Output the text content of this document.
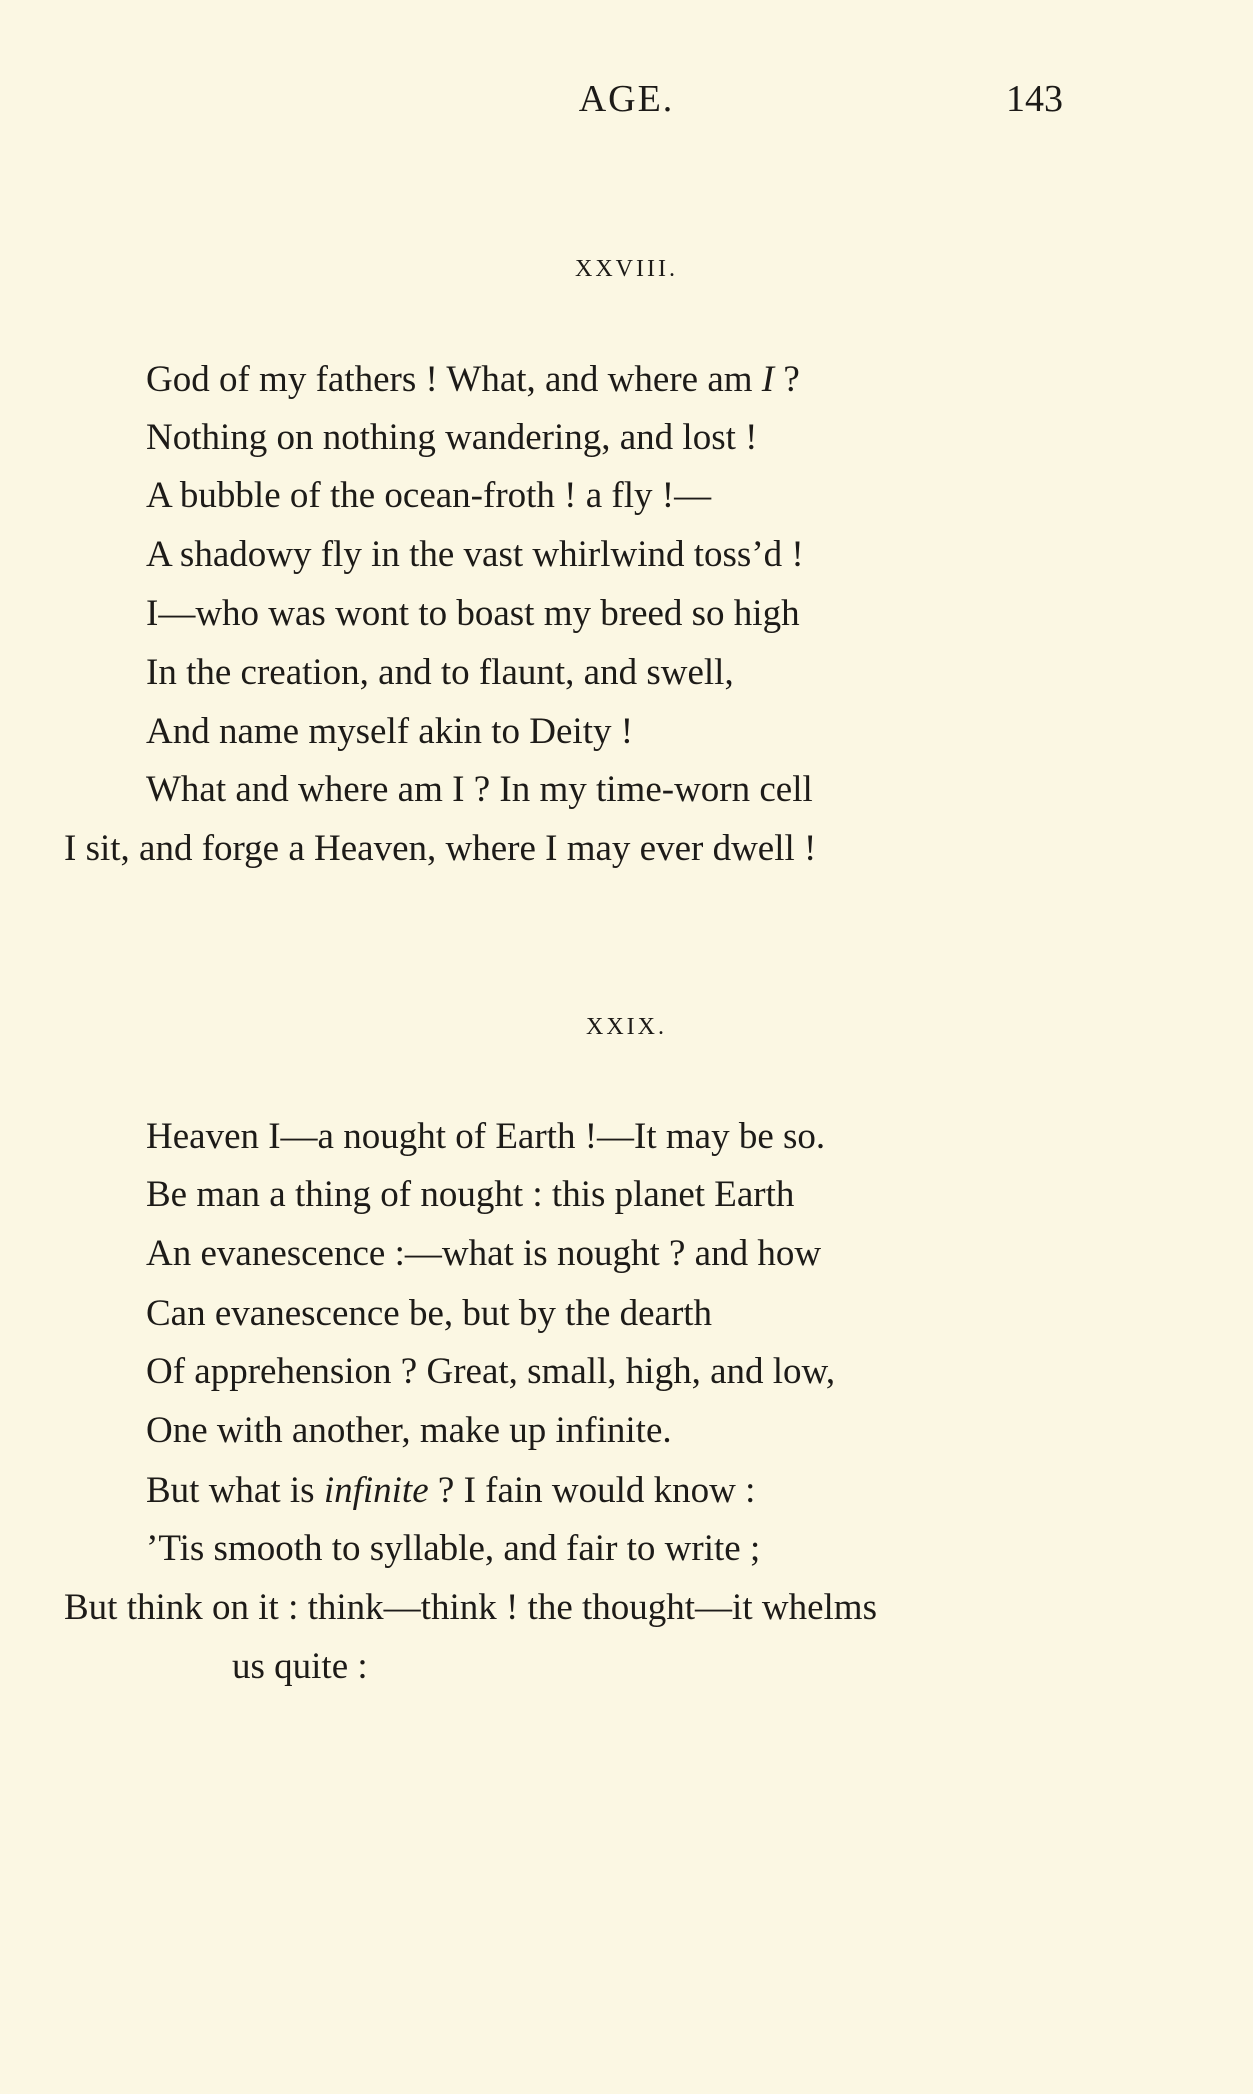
AGE.	143
XXVIII.
God of my fathers ! What, and where am I ?
Nothing on nothing wandering, and lost !
A bubble of the ocean-froth ! a fly !—
A shadowy fly in the vast whirlwind toss’d !
I—who was wont to boast my breed so high
In the creation, and to flaunt, and swell,
And name myself akin to Deity !
What and where am I ? In my time-worn cell
I sit, and forge a Heaven, where I may ever dwell !
XXIX.
Heaven I—a nought of Earth !—It may be so.
Be man a thing of nought : this planet Earth
An evanescence :—what is nought ? and how
Can evanescence be, but by the dearth
Of apprehension ? Great, small, high, and low,
One with another, make up infinite.
But what is infinite ? I fain would know :
’Tis smooth to syllable, and fair to write ;
But think on it : think—think ! the thought—it whelms
us quite :
